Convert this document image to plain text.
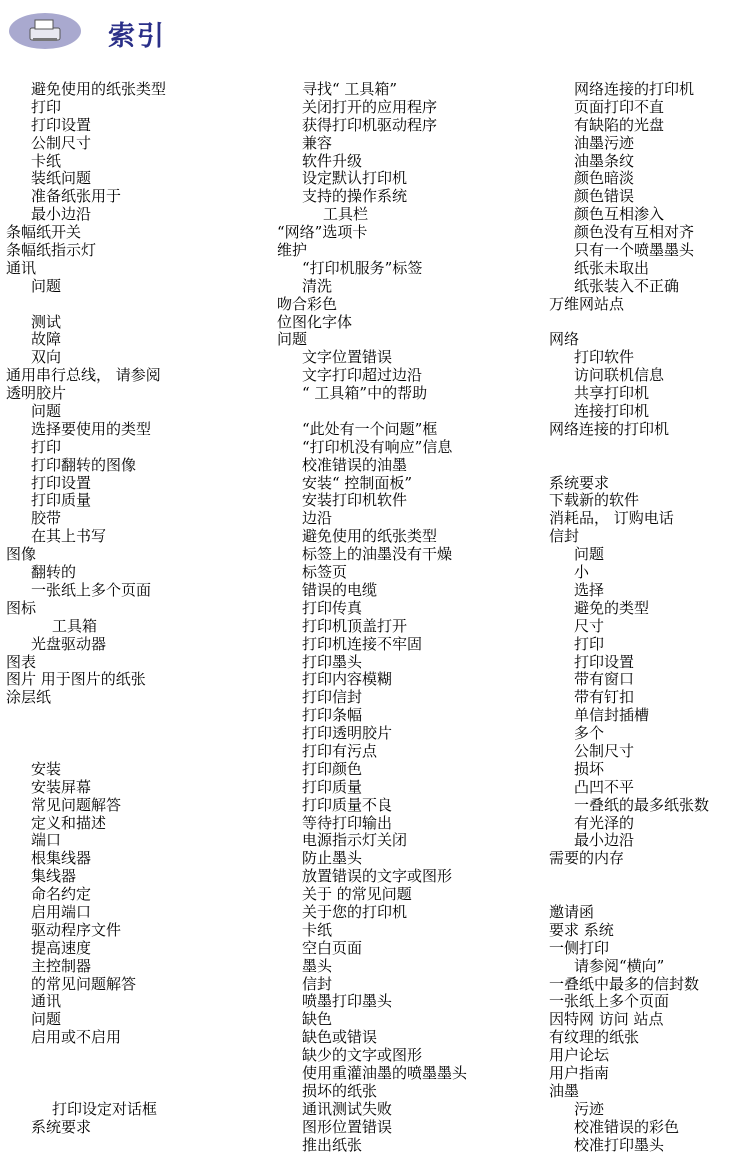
索引
避免使用的纸张类型
打印
打印设置
公制尺寸
卡纸
装纸问题
准备纸张用于
最小边沿
条幅纸开关
条幅纸指示灯
通讯
问题
测试
故障
双向
通用串行总线， 请参阅
透明胶片
问题
选择要使用的类型
打印
打印翻转的图像
打印设置
打印质量
胶带
在其上书写
图像
翻转的
一张纸上多个页面
图标
工具箱
光盘驱动器
图表
图片 用于图片的纸张
涂层纸
安装
安装屏幕
常见问题解答
定义和描述
端口
根集线器
集线器
命名约定
启用端口
驱动程序文件
提高速度
主控制器
的常见问题解答
通讯
问题
启用或不启用
打印设定对话框
系统要求
寻找“ 工具箱”
关闭打开的应用程序
获得打印机驱动程序
兼容
软件升级
设定默认打印机
支持的操作系统
工具栏
“网络”选项卡
维护
“打印机服务”标签
清洗
吻合彩色
位图化字体
问题
文字位置错误
文字打印超过边沿
“ 工具箱”中的帮助
“此处有一个问题”框
“打印机没有响应”信息
校准错误的油墨
安装“ 控制面板”
安装打印机软件
边沿
避免使用的纸张类型
标签上的油墨没有干燥
标签页
错误的电缆
打印传真
打印机顶盖打开
打印机连接不牢固
打印墨头
打印内容模糊
打印信封
打印条幅
打印透明胶片
打印有污点
打印颜色
打印质量
打印质量不良
等待打印输出
电源指示灯关闭
防止墨头
放置错误的文字或图形
关于 的常见问题
关于您的打印机
卡纸
空白页面
墨头
信封
喷墨打印墨头
缺色
缺色或错误
缺少的文字或图形
使用重灌油墨的喷墨墨头
损坏的纸张
通讯测试失败
图形位置错误
推出纸张
网络连接的打印机
页面打印不直
有缺陷的光盘
油墨污迹
油墨条纹
颜色暗淡
颜色错误
颜色互相渗入
颜色没有互相对齐
只有一个喷墨墨头
纸张未取出
纸张装入不正确
万维网站点
网络
打印软件
访问联机信息
共享打印机
连接打印机
网络连接的打印机
系统要求
下载新的软件
消耗品， 订购电话
信封
问题
小
选择
避免的类型
尺寸
打印
打印设置
带有窗口
带有钉扣
单信封插槽
多个
公制尺寸
损坏
凸凹不平
一叠纸的最多纸张数
有光泽的
最小边沿
需要的内存
邀请函
要求 系统
一侧打印
请参阅“横向”
一叠纸中最多的信封数
一张纸上多个页面
因特网 访问 站点
有纹理的纸张
用户论坛
用户指南
油墨
污迹
校准错误的彩色
校准打印墨头
